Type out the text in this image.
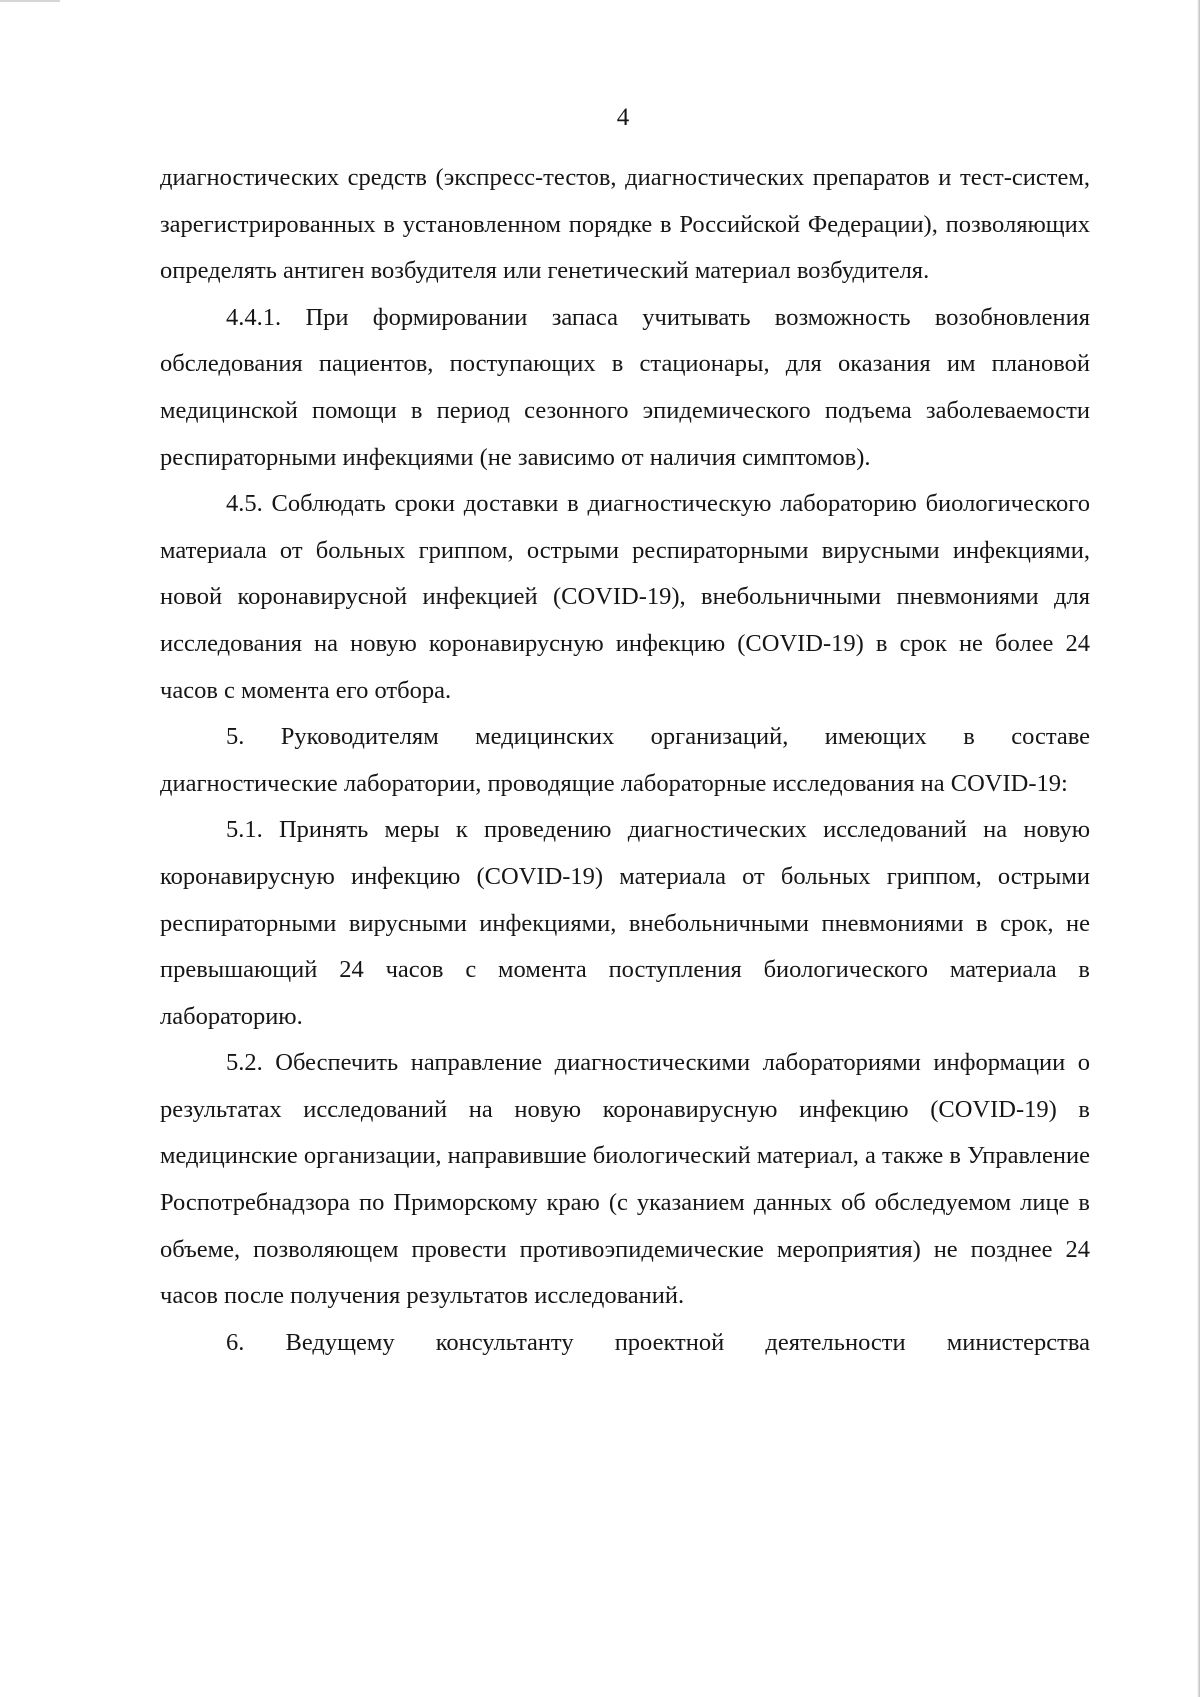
4

диагностических средств (экспресс-тестов, диагностических препаратов и тест-систем, зарегистрированных в установленном порядке в Российской Федерации), позволяющих определять антиген возбудителя или генетический материал возбудителя.

4.4.1. При формировании запаса учитывать возможность возобновления обследования пациентов, поступающих в стационары, для оказания им плановой медицинской помощи в период сезонного эпидемического подъема заболеваемости респираторными инфекциями (не зависимо от наличия симптомов).

4.5. Соблюдать сроки доставки в диагностическую лабораторию биологического материала от больных гриппом, острыми респираторными вирусными инфекциями, новой коронавирусной инфекцией (COVID-19), внебольничными пневмониями для исследования на новую коронавирусную инфекцию (COVID-19) в срок не более 24 часов с момента его отбора.

5. Руководителям медицинских организаций, имеющих в составе диагностические лаборатории, проводящие лабораторные исследования на COVID-19:

5.1. Принять меры к проведению диагностических исследований на новую коронавирусную инфекцию (COVID-19) материала от больных гриппом, острыми респираторными вирусными инфекциями, внебольничными пневмониями в срок, не превышающий 24 часов с момента поступления биологического материала в лабораторию.

5.2. Обеспечить направление диагностическими лабораториями информации о результатах исследований на новую коронавирусную инфекцию (COVID-19) в медицинские организации, направившие биологический материал, а также в Управление Роспотребнадзора по Приморскому краю (с указанием данных об обследуемом лице в объеме, позволяющем провести противоэпидемические мероприятия) не позднее 24 часов после получения результатов исследований.

6. Ведущему консультанту проектной деятельности министерства
